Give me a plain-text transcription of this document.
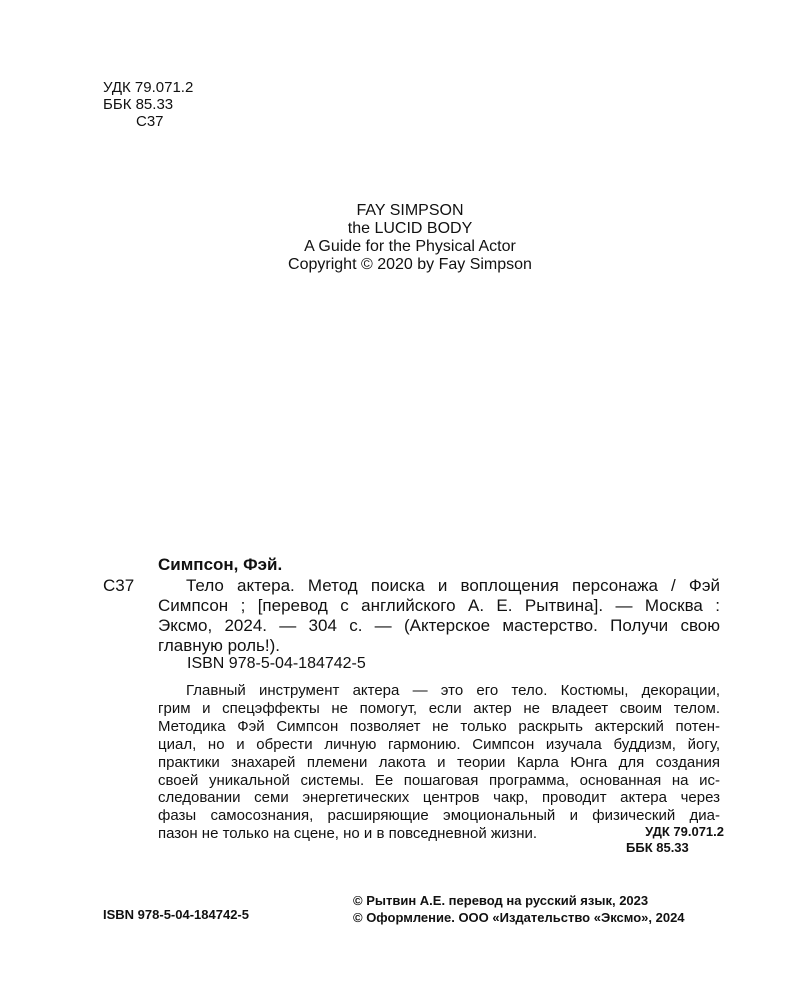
УДК 79.071.2
ББК 85.33
С37
FAY SIMPSON
the LUCID BODY
A Guide for the Physical Actor
Copyright © 2020 by Fay Simpson
Симпсон, Фэй.
С37	Тело актера. Метод поиска и воплощения персонажа / Фэй
Симпсон ; [перевод с английского А. Е. Рытвина]. — Москва :
Эксмо, 2024. — 304 с. — (Актерское мастерство. Получи свою
главную роль!).
ISBN 978-5-04-184742-5
Главный инструмент актера — это его тело. Костюмы, декорации,
грим и спецэффекты не помогут, если актер не владеет своим телом.
Методика Фэй Симпсон позволяет не только раскрыть актерский потен-
циал, но и обрести личную гармонию. Симпсон изучала буддизм, йогу,
практики знахарей племени лакота и теории Карла Юнга для создания
своей уникальной системы. Ее пошаговая программа, основанная на ис-
следовании семи энергетических центров чакр, проводит актера через
фазы самосознания, расширяющие эмоциональный и физический диа-
пазон не только на сцене, но и в повседневной жизни.	УДК 79.071.2
ББК 85.33
ISBN 978-5-04-184742-5
© Рытвин А.Е. перевод на русский язык, 2023
© Оформление. ООО «Издательство «Эксмо», 2024
